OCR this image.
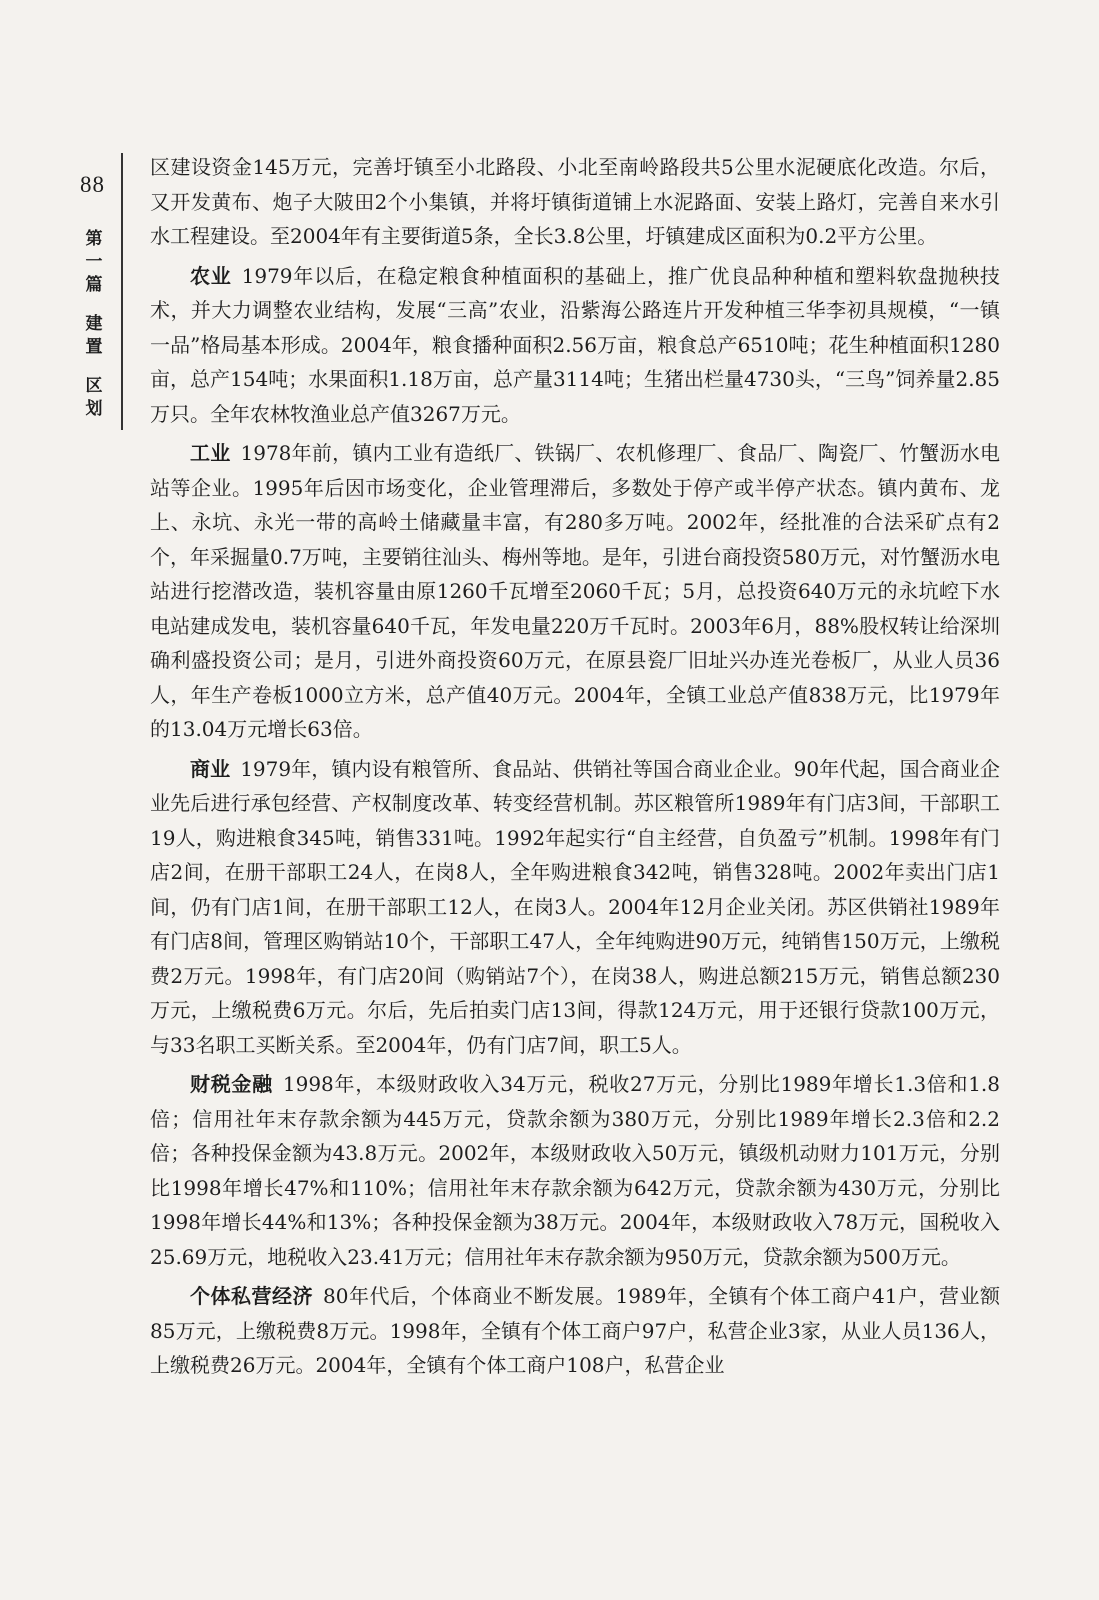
88
第
一
篇
建
置
区
划

区建设资金145万元，完善圩镇至小北路段、小北至南岭路段共5公里水泥硬底化改造。尔后，又开发黄布、炮子大陂田2个小集镇，并将圩镇街道铺上水泥路面、安装上路灯，完善自来水引水工程建设。至2004年有主要街道5条，全长3.8公里，圩镇建成区面积为0.2平方公里。

农业 1979年以后，在稳定粮食种植面积的基础上，推广优良品种种植和塑料软盘抛秧技术，并大力调整农业结构，发展“三高”农业，沿紫海公路连片开发种植三华李初具规模，“一镇一品”格局基本形成。2004年，粮食播种面积2.56万亩，粮食总产6510吨；花生种植面积1280亩，总产154吨；水果面积1.18万亩，总产量3114吨；生猪出栏量4730头，“三鸟”饲养量2.85万只。全年农林牧渔业总产值3267万元。

工业 1978年前，镇内工业有造纸厂、铁锅厂、农机修理厂、食品厂、陶瓷厂、竹蟹沥水电站等企业。1995年后因市场变化，企业管理滞后，多数处于停产或半停产状态。镇内黄布、龙上、永坑、永光一带的高岭土储藏量丰富，有280多万吨。2002年，经批准的合法采矿点有2个，年采掘量0.7万吨，主要销往汕头、梅州等地。是年，引进台商投资580万元，对竹蟹沥水电站进行挖潜改造，装机容量由原1260千瓦增至2060千瓦；5月，总投资640万元的永坑崆下水电站建成发电，装机容量640千瓦，年发电量220万千瓦时。2003年6月，88%股权转让给深圳确利盛投资公司；是月，引进外商投资60万元，在原县瓷厂旧址兴办连光卷板厂，从业人员36人，年生产卷板1000立方米，总产值40万元。2004年，全镇工业总产值838万元，比1979年的13.04万元增长63倍。

商业 1979年，镇内设有粮管所、食品站、供销社等国合商业企业。90年代起，国合商业企业先后进行承包经营、产权制度改革、转变经营机制。苏区粮管所1989年有门店3间，干部职工19人，购进粮食345吨，销售331吨。1992年起实行“自主经营，自负盈亏”机制。1998年有门店2间，在册干部职工24人，在岗8人，全年购进粮食342吨，销售328吨。2002年卖出门店1间，仍有门店1间，在册干部职工12人，在岗3人。2004年12月企业关闭。苏区供销社1989年有门店8间，管理区购销站10个，干部职工47人，全年纯购进90万元，纯销售150万元，上缴税费2万元。1998年，有门店20间（购销站7个），在岗38人，购进总额215万元，销售总额230万元，上缴税费6万元。尔后，先后拍卖门店13间，得款124万元，用于还银行贷款100万元，与33名职工买断关系。至2004年，仍有门店7间，职工5人。

财税金融 1998年，本级财政收入34万元，税收27万元，分别比1989年增长1.3倍和1.8倍；信用社年末存款余额为445万元，贷款余额为380万元，分别比1989年增长2.3倍和2.2倍；各种投保金额为43.8万元。2002年，本级财政收入50万元，镇级机动财力101万元，分别比1998年增长47%和110%；信用社年末存款余额为642万元，贷款余额为430万元，分别比1998年增长44%和13%；各种投保金额为38万元。2004年，本级财政收入78万元，国税收入25.69万元，地税收入23.41万元；信用社年末存款余额为950万元，贷款余额为500万元。

个体私营经济 80年代后，个体商业不断发展。1989年，全镇有个体工商户41户，营业额85万元，上缴税费8万元。1998年，全镇有个体工商户97户，私营企业3家，从业人员136人，上缴税费26万元。2004年，全镇有个体工商户108户，私营企业
